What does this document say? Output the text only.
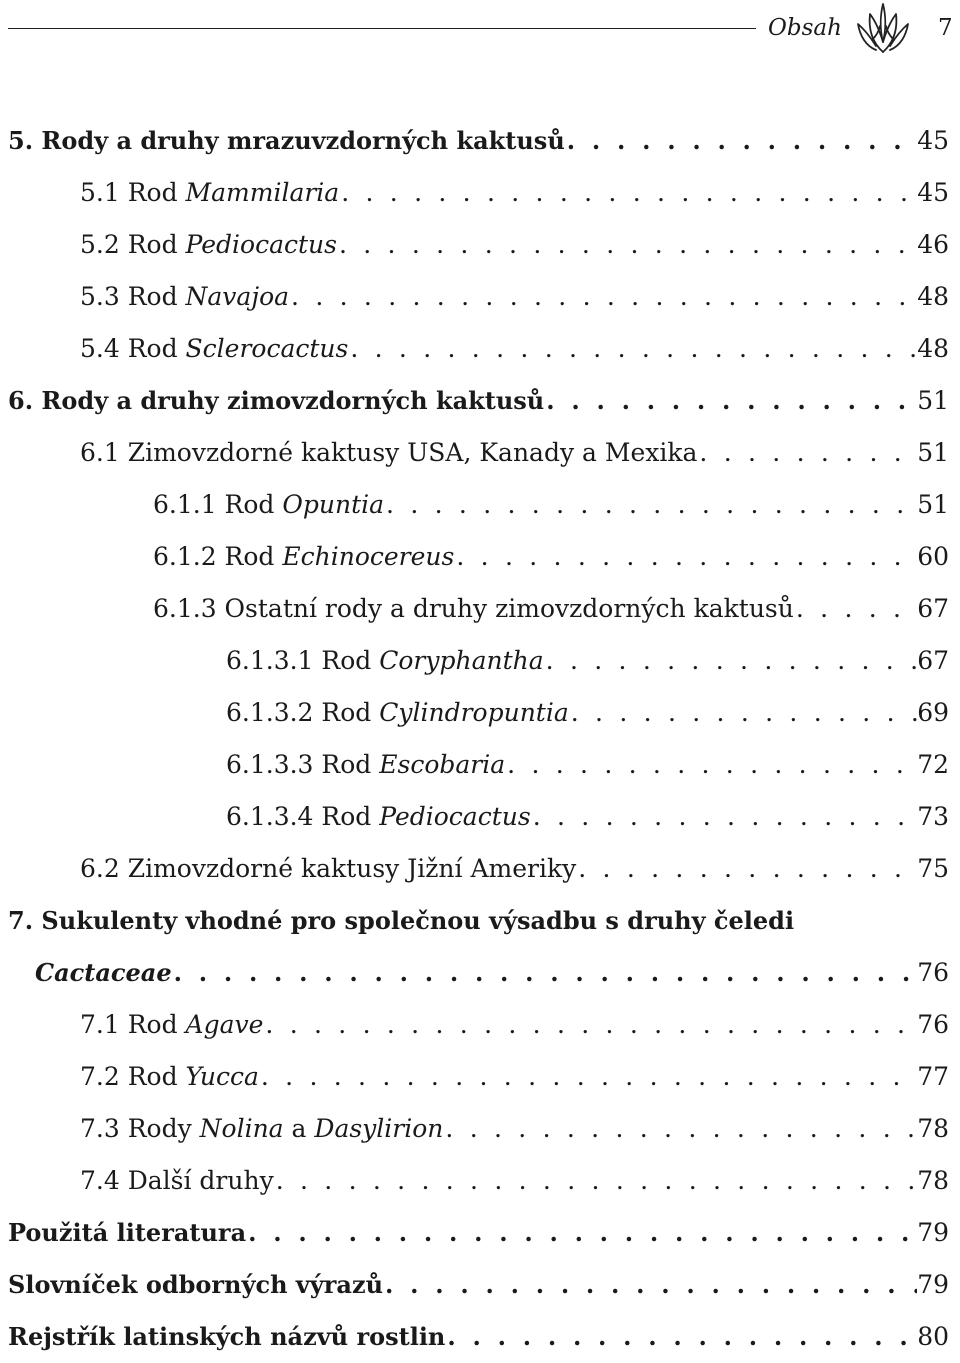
Obsah	7
5. Rody a druhy mrazuvzdorných kaktusů . . .	45
5.1 Rod Mammilaria . . .	45
5.2 Rod Pediocactus . . .	46
5.3 Rod Navajoa . . .	48
5.4 Rod Sclerocactus . . .	48
6. Rody a druhy zimovzdorných kaktusů . . .	51
6.1 Zimovzdorné kaktusy USA, Kanady a Mexika . . .	51
6.1.1 Rod Opuntia . . .	51
6.1.2 Rod Echinocereus . . .	60
6.1.3 Ostatní rody a druhy zimovzdorných kaktusů . . .	67
6.1.3.1 Rod Coryphantha . . .	67
6.1.3.2 Rod Cylindropuntia . . .	69
6.1.3.3 Rod Escobaria . . .	72
6.1.3.4 Rod Pediocactus . . .	73
6.2 Zimovzdorné kaktusy Jižní Ameriky . . .	75
7. Sukulenty vhodné pro společnou výsadbu s druhy čeledi
Cactaceae . . .	76
7.1 Rod Agave . . .	76
7.2 Rod Yucca . . .	77
7.3 Rody Nolina a Dasylirion . . .	78
7.4 Další druhy . . .	78
Použitá literatura . . .	79
Slovníček odborných výrazů . . .	79
Rejstřík latinských názvů rostlin . . .	80
